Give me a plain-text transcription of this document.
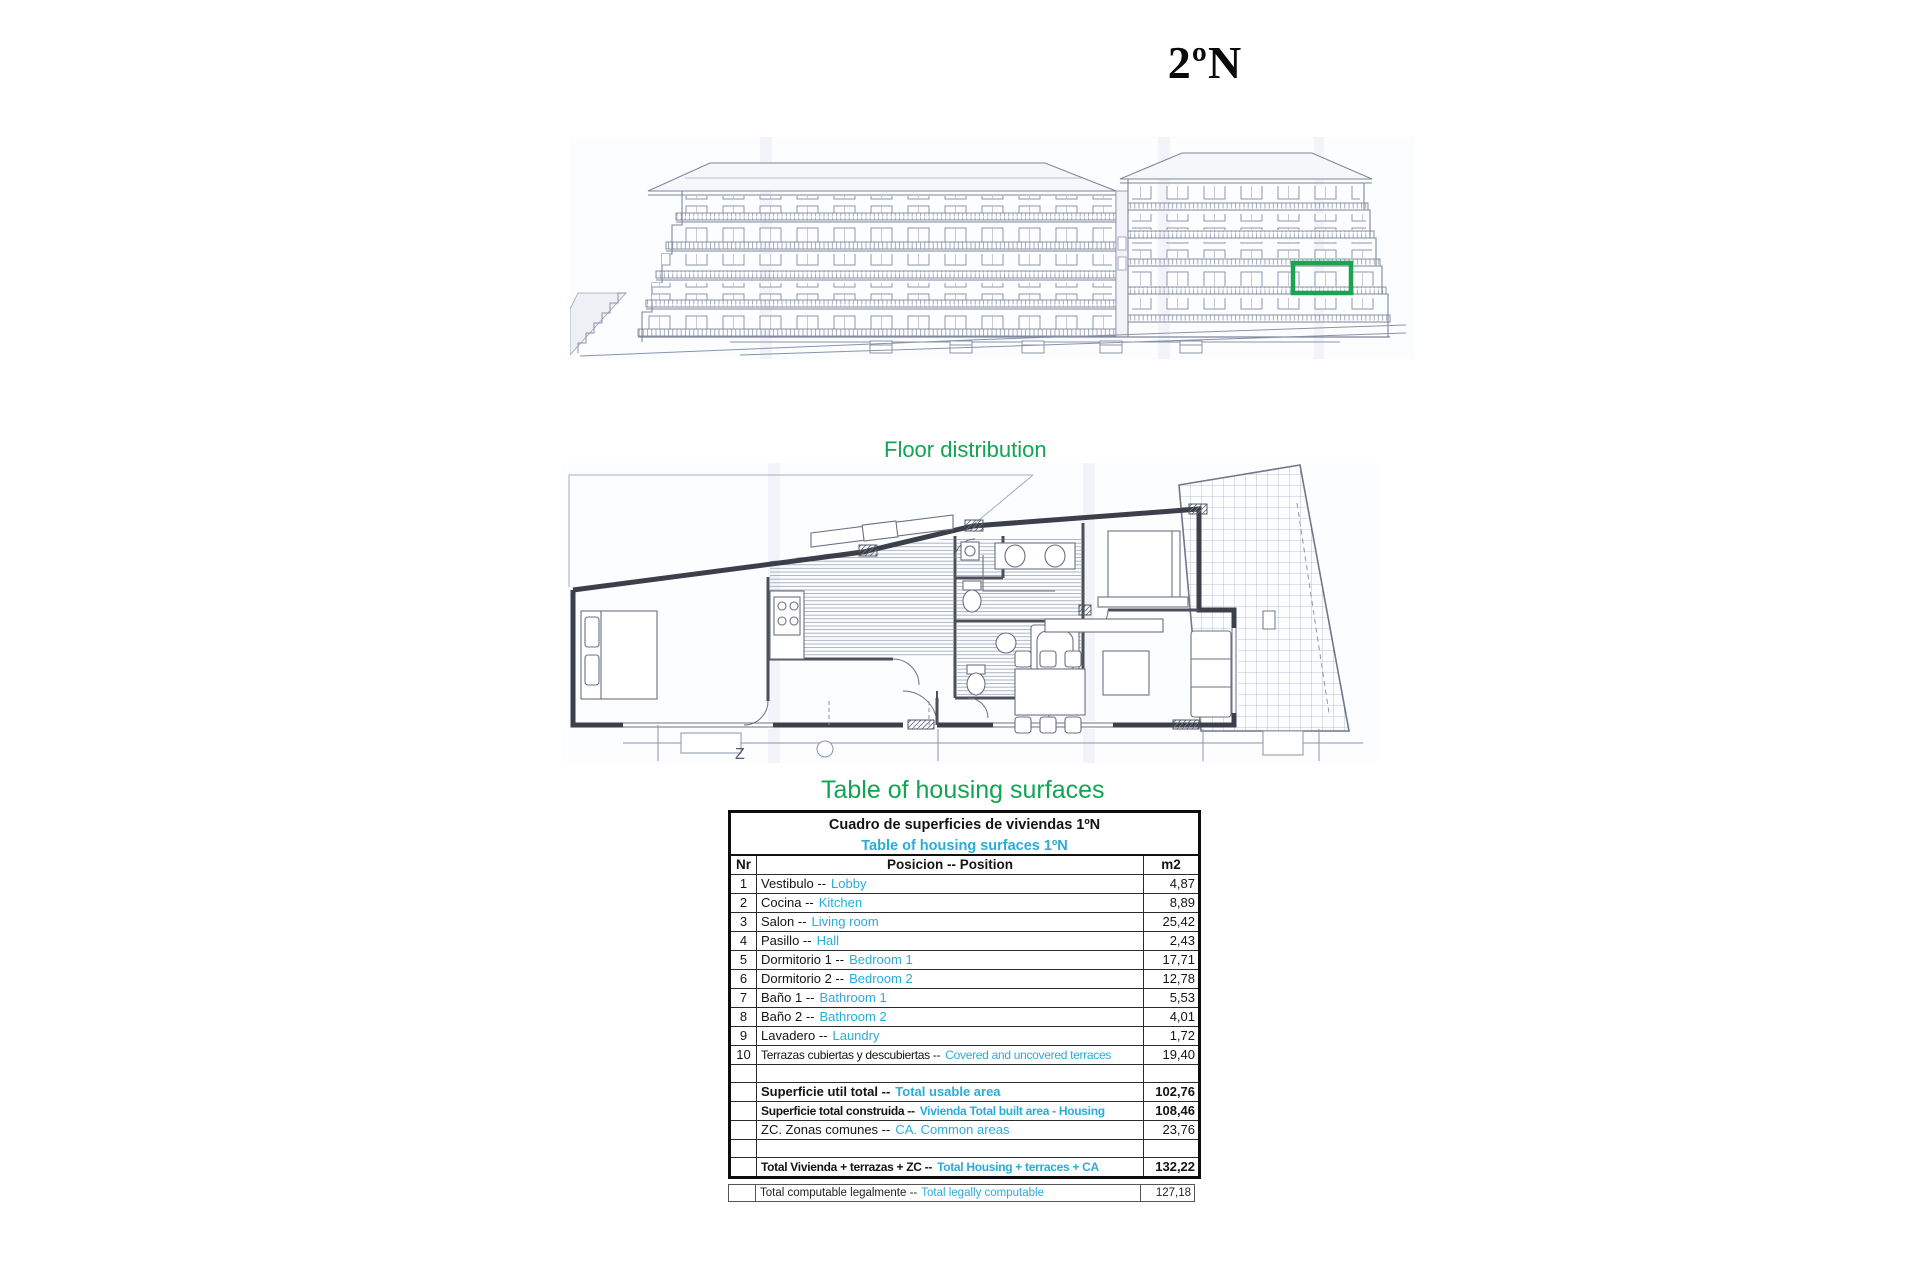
2ºN
Floor distribution
Z
Table of housing surfaces
Cuadro de superficies de viviendas 1ºN		
Table of housing surfaces 1ºN		
Nr	Posicion -- Position	m2
1	Vestibulo -- Lobby	4,87
2	Cocina -- Kitchen	8,89
3	Salon -- Living room	25,42
4	Pasillo -- Hall	2,43
5	Dormitorio 1 -- Bedroom 1	17,71
6	Dormitorio 2 -- Bedroom 2	12,78
7	Baño 1 -- Bathroom 1	5,53
8	Baño 2 -- Bathroom 2	4,01
9	Lavadero -- Laundry	1,72
10	Terrazas cubiertas y descubiertas -- Covered and uncovered terraces	19,40

	Superficie util total -- Total usable area	102,76
	Superficie total construida -- Vivienda Total built area - Housing	108,46
	ZC. Zonas comunes -- CA. Common areas	23,76

	Total Vivienda + terrazas + ZC -- Total Housing + terraces + CA	132,22
	Total computable legalmente -- Total legally computable	127,18
